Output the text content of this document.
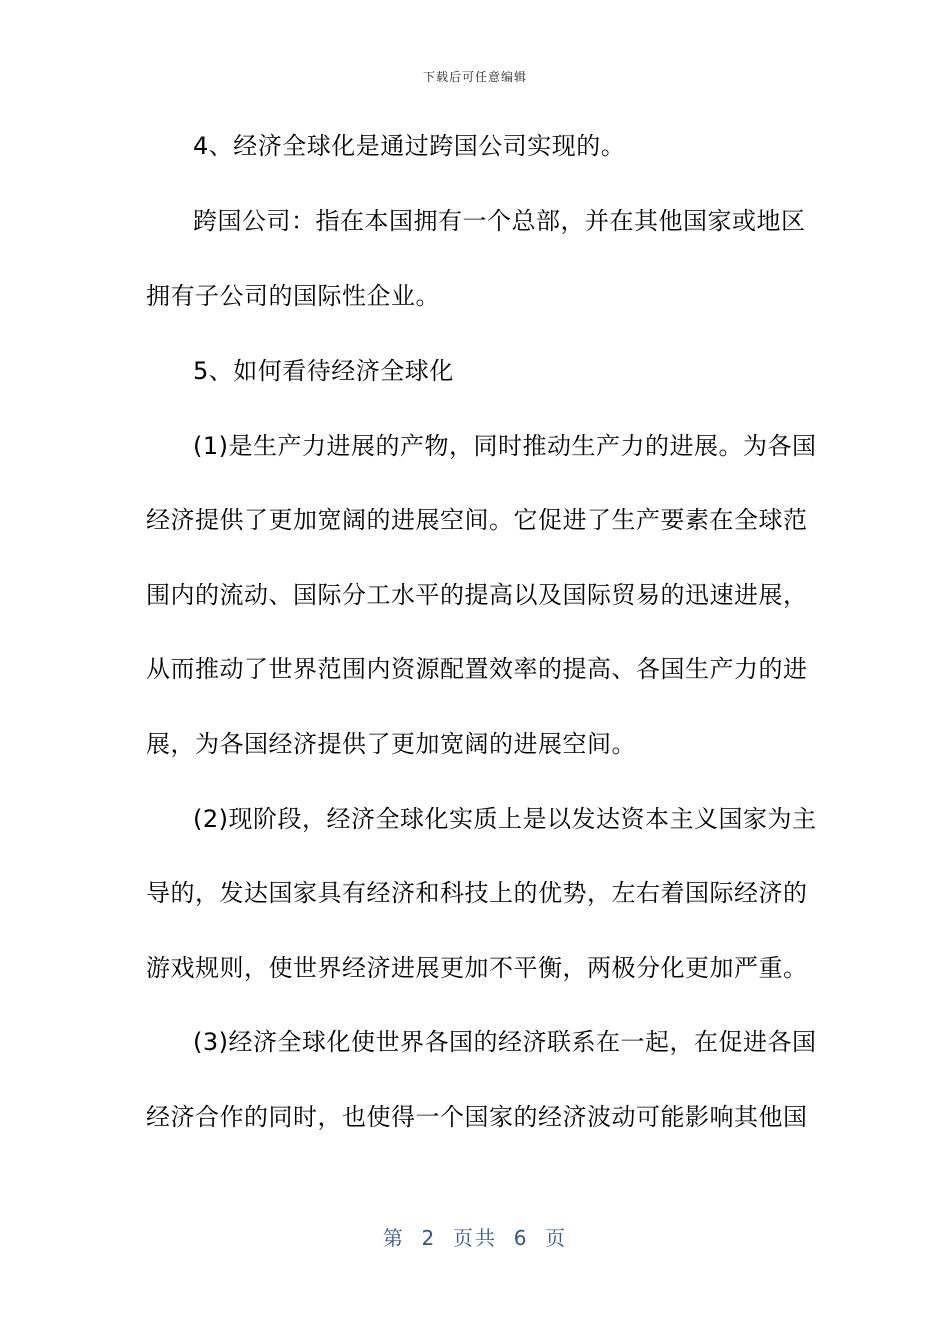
下载后可任意编辑
4、经济全球化是通过跨国公司实现的。
跨国公司：指在本国拥有一个总部，并在其他国家或地区
拥有子公司的国际性企业。
5、如何看待经济全球化
(1)是生产力进展的产物，同时推动生产力的进展。为各国
经济提供了更加宽阔的进展空间。它促进了生产要素在全球范
围内的流动、国际分工水平的提高以及国际贸易的迅速进展，
从而推动了世界范围内资源配置效率的提高、各国生产力的进
展，为各国经济提供了更加宽阔的进展空间。
(2)现阶段，经济全球化实质上是以发达资本主义国家为主
导的，发达国家具有经济和科技上的优势，左右着国际经济的
游戏规则，使世界经济进展更加不平衡，两极分化更加严重。
(3)经济全球化使世界各国的经济联系在一起，在促进各国
经济合作的同时，也使得一个国家的经济波动可能影响其他国
第  2  页共  6  页
